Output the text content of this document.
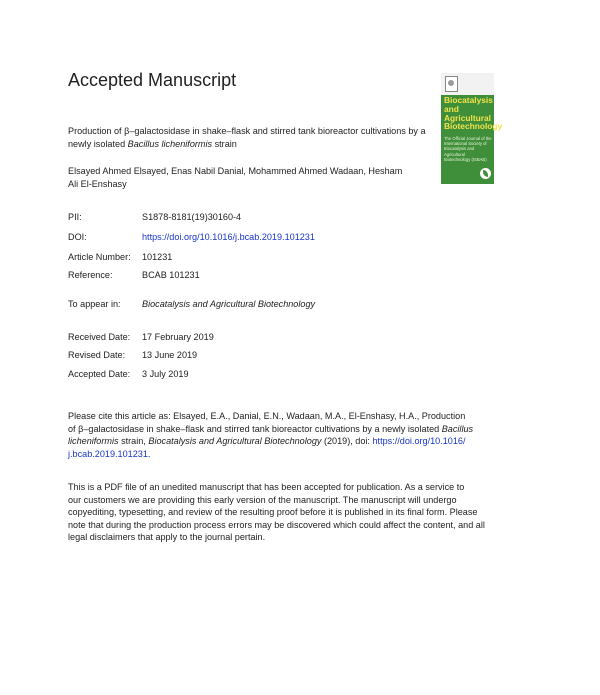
Accepted Manuscript
Production of β–galactosidase in shake–flask and stirred tank bioreactor cultivations by a newly isolated Bacillus licheniformis strain
Elsayed Ahmed Elsayed, Enas Nabil Danial, Mohammed Ahmed Wadaan, Hesham
Ali El-Enshasy
Biocatalysis and Agricultural Biotechnology
The Official Journal of the International Society of Biocatalysis and Agricultural Biotechnology (ISBAB)
PII:	S1878-8181(19)30160-4
DOI:	https://doi.org/10.1016/j.bcab.2019.101231
Article Number: 101231
Reference:	BCAB 101231
To appear in: Biocatalysis and Agricultural Biotechnology
Received Date: 17 February 2019
Revised Date: 13 June 2019
Accepted Date: 3 July 2019
Please cite this article as: Elsayed, E.A., Danial, E.N., Wadaan, M.A., El-Enshasy, H.A., Production
of β–galactosidase in shake–flask and stirred tank bioreactor cultivations by a newly isolated Bacillus
licheniformis strain, Biocatalysis and Agricultural Biotechnology (2019), doi: https://doi.org/10.1016/
j.bcab.2019.101231.
This is a PDF file of an unedited manuscript that has been accepted for publication. As a service to
our customers we are providing this early version of the manuscript. The manuscript will undergo
copyediting, typesetting, and review of the resulting proof before it is published in its final form. Please
note that during the production process errors may be discovered which could affect the content, and all
legal disclaimers that apply to the journal pertain.
